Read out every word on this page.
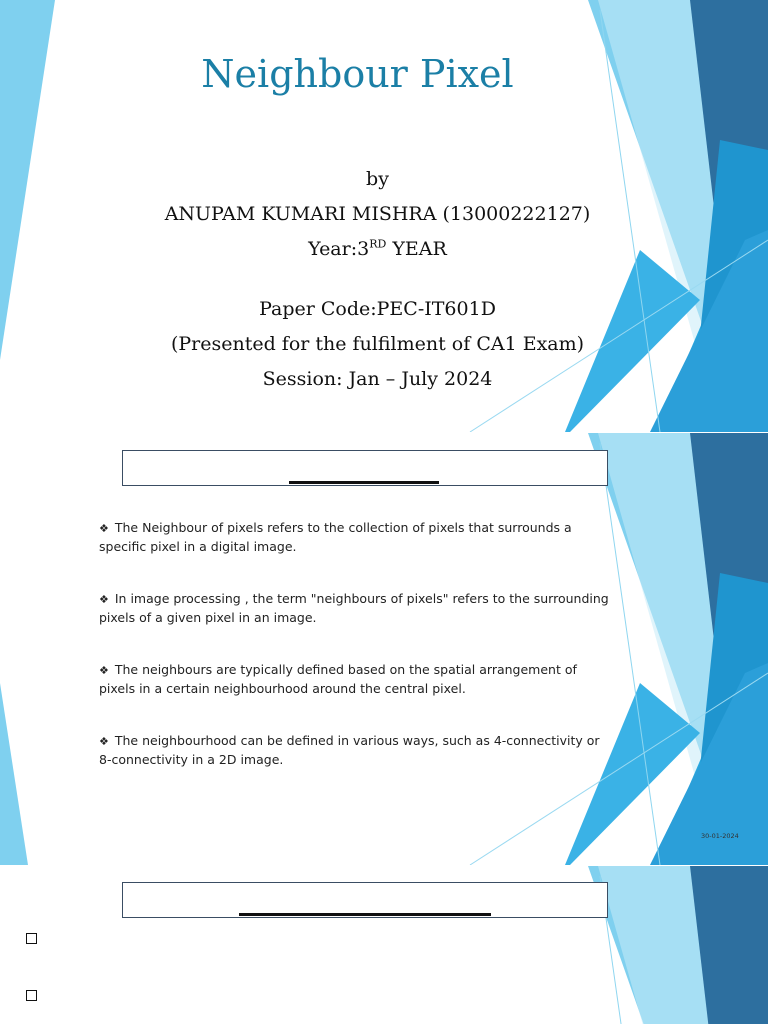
Neighbour Pixel
by
ANUPAM KUMARI MISHRA (13000222127)
Year:3RD YEAR
Paper Code:PEC-IT601D
(Presented for the fulfilment of CA1 Exam)
Session: Jan – July 2024

❖ The Neighbour of pixels refers to the collection of pixels that surrounds a specific pixel in a digital image.

❖ In image processing , the term "neighbours of pixels" refers to the surrounding pixels of a given pixel in an image.

❖ The neighbours are typically defined based on the spatial arrangement of pixels in a certain neighbourhood around the central pixel.

❖ The neighbourhood can be defined in various ways, such as 4-connectivity or 8-connectivity in a 2D image.

30-01-2024
